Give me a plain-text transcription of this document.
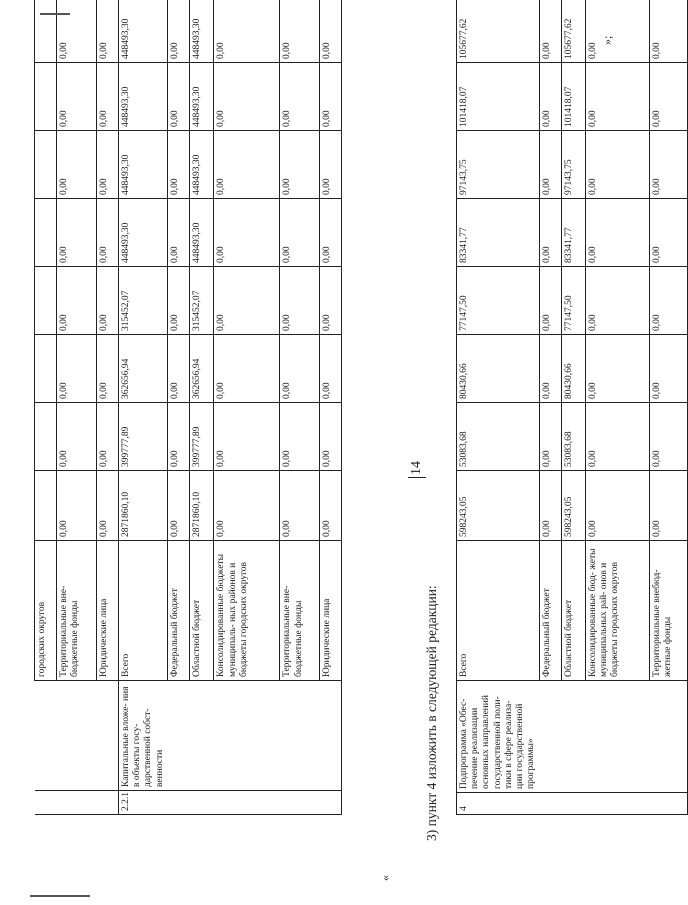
14
		городских округов								
		Территориальные вне- бюджетные фонды	0,00	0,00	0,00	0,00	0,00	0,00	0,00	0,00
		Юридические лица	0,00	0,00	0,00	0,00	0,00	0,00	0,00	0,00
2.2.1	Капитальные вложе- ния в объекты госу- дарственной собст- венности	Всего	2871860,10	399777,89	362656,94	315452,07	448493,30	448493,30	448493,30	448493,30
		Федеральный бюджет	0,00	0,00	0,00	0,00	0,00	0,00	0,00	0,00
		Областной бюджет	2871860,10	399777,89	362656,94	315452,07	448493,30	448493,30	448493,30	448493,30
		Консолидированные бюджеты муниципаль- ных районов и бюджеты городских округов	0,00	0,00	0,00	0,00	0,00	0,00	0,00	0,00
		Территориальные вне- бюджетные фонды	0,00	0,00	0,00	0,00	0,00	0,00	0,00	0,00
		Юридические лица	0,00	0,00	0,00	0,00	0,00	0,00	0,00	0,00
»;
3) пункт 4 изложить в следующей редакции:
«
4	Подпрограмма «Обес- печение реализации основных направлений государственной поли- тики в сфере реализа- ции государственной программы»	Всего	598243,05	53083,68	80430,66	77147,50	83341,77	97143,75	101418,07	105677,62
		Федеральный бюджет	0,00	0,00	0,00	0,00	0,00	0,00	0,00	0,00
		Областной бюджет	598243,05	53083,68	80430,66	77147,50	83341,77	97143,75	101418,07	105677,62
		Консолидированные бюд- жеты муниципальных рай- онов и бюджеты городских округов	0,00	0,00	0,00	0,00	0,00	0,00	0,00	0,00
		Территориальные внебюд- жетные фонды	0,00	0,00	0,00	0,00	0,00	0,00	0,00	0,00
